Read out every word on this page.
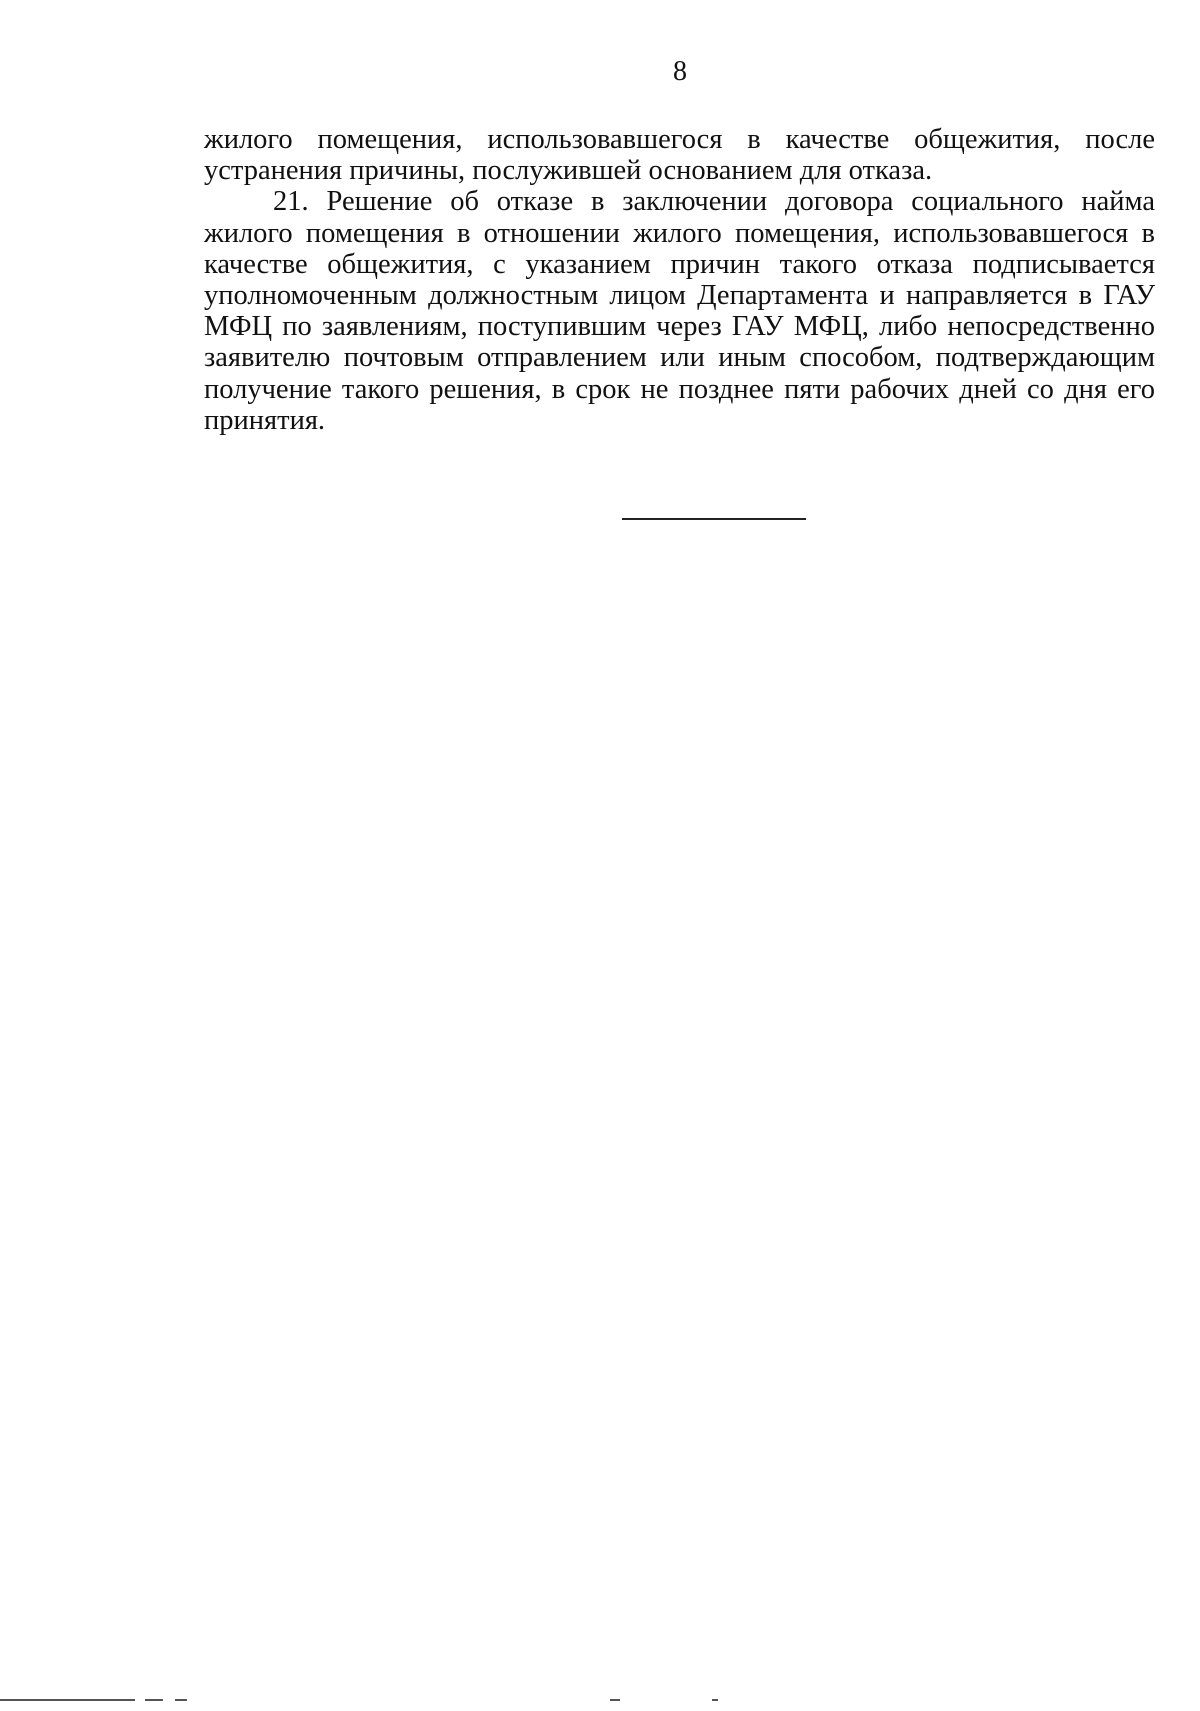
8

жилого помещения, использовавшегося в качестве общежития, после устранения причины, послужившей основанием для отказа.

21. Решение об отказе в заключении договора социального найма жилого помещения в отношении жилого помещения, использовавшегося в качестве общежития, с указанием причин такого отказа подписывается уполномоченным должностным лицом Департамента и направляется в ГАУ МФЦ по заявлениям, поступившим через ГАУ МФЦ, либо непосредственно заявителю почтовым отправлением или иным способом, подтверждающим получение такого решения, в срок не позднее пяти рабочих дней со дня его принятия.
